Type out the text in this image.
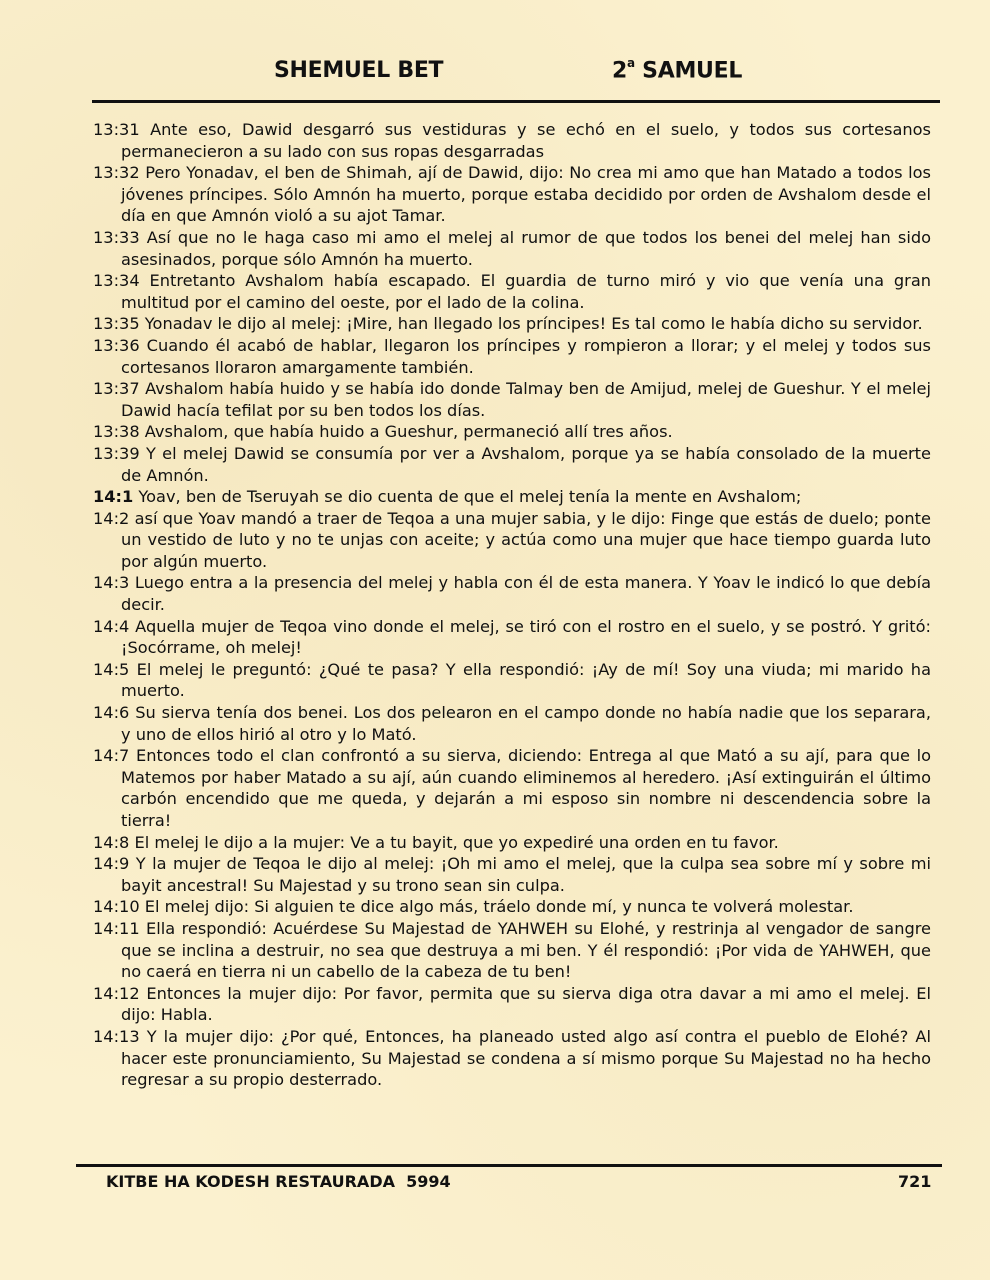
SHEMUEL BET	2$^a$ SAMUEL

13:31 Ante eso, Dawid desgarró sus vestiduras y se echó en el suelo, y todos sus cortesanos permanecieron a su lado con sus ropas desgarradas

13:32 Pero Yonadav, el ben de Shimah, ají de Dawid, dijo: No crea mi amo que han Matado a todos los jóvenes príncipes. Sólo Amnón ha muerto, porque estaba decidido por orden de Avshalom desde el día en que Amnón violó a su ajot Tamar.

13:33 Así que no le haga caso mi amo el melej al rumor de que todos los benei del melej han sido asesinados, porque sólo Amnón ha muerto.

13:34 Entretanto Avshalom había escapado. El guardia de turno miró y vio que venía una gran multitud por el camino del oeste, por el lado de la colina.

13:35 Yonadav le dijo al melej: ¡Mire, han llegado los príncipes! Es tal como le había dicho su servidor.

13:36 Cuando él acabó de hablar, llegaron los príncipes y rompieron a llorar; y el melej y todos sus cortesanos lloraron amargamente también.

13:37 Avshalom había huido y se había ido donde Talmay ben de Amijud, melej de Gueshur. Y el melej Dawid hacía tefilat por su ben todos los días.

13:38 Avshalom, que había huido a Gueshur, permaneció allí tres años.

13:39 Y el melej Dawid se consumía por ver a Avshalom, porque ya se había consolado de la muerte de Amnón.

14:1 Yoav, ben de Tseruyah se dio cuenta de que el melej tenía la mente en Avshalom;

14:2 así que Yoav mandó a traer de Teqoa a una mujer sabia, y le dijo: Finge que estás de duelo; ponte un vestido de luto y no te unjas con aceite; y actúa como una mujer que hace tiempo guarda luto por algún muerto.

14:3 Luego entra a la presencia del melej y habla con él de esta manera. Y Yoav le indicó lo que debía decir.

14:4 Aquella mujer de Teqoa vino donde el melej, se tiró con el rostro en el suelo, y se postró. Y gritó: ¡Socórrame, oh melej!

14:5 El melej le preguntó: ¿Qué te pasa? Y ella respondió: ¡Ay de mí! Soy una viuda; mi marido ha muerto.

14:6 Su sierva tenía dos benei. Los dos pelearon en el campo donde no había nadie que los separara, y uno de ellos hirió al otro y lo Mató.

14:7 Entonces todo el clan confrontó a su sierva, diciendo: Entrega al que Mató a su ají, para que lo Matemos por haber Matado a su ají, aún cuando eliminemos al heredero. ¡Así extinguirán el último carbón encendido que me queda, y dejarán a mi esposo sin nombre ni descendencia sobre la tierra!

14:8 El melej le dijo a la mujer: Ve a tu bayit, que yo expediré una orden en tu favor.

14:9 Y la mujer de Teqoa le dijo al melej: ¡Oh mi amo el melej, que la culpa sea sobre mí y sobre mi bayit ancestral! Su Majestad y su trono sean sin culpa.

14:10 El melej dijo: Si alguien te dice algo más, tráelo donde mí, y nunca te volverá molestar.

14:11 Ella respondió: Acuérdese Su Majestad de YAHWEH su Elohé, y restrinja al vengador de sangre que se inclina a destruir, no sea que destruya a mi ben. Y él respondió: ¡Por vida de YAHWEH, que no caerá en tierra ni un cabello de la cabeza de tu ben!

14:12 Entonces la mujer dijo: Por favor, permita que su sierva diga otra davar a mi amo el melej. El dijo: Habla.

14:13 Y la mujer dijo: ¿Por qué, Entonces, ha planeado usted algo así contra el pueblo de Elohé? Al hacer este pronunciamiento, Su Majestad se condena a sí mismo porque Su Majestad no ha hecho regresar a su propio desterrado.

KITBE HA KODESH RESTAURADA  5994	721
